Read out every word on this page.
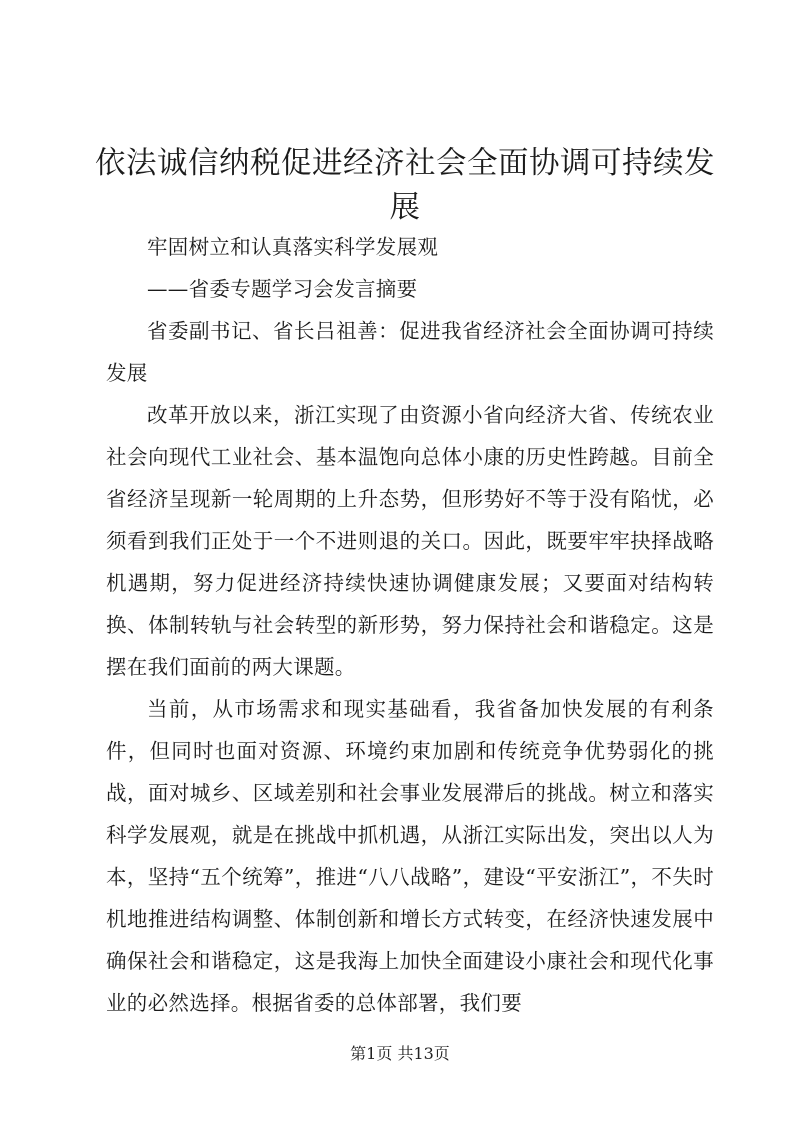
依法诚信纳税促进经济社会全面协调可持续发展

牢固树立和认真落实科学发展观

——省委专题学习会发言摘要

省委副书记、省长吕祖善：促进我省经济社会全面协调可持续发展

改革开放以来，浙江实现了由资源小省向经济大省、传统农业社会向现代工业社会、基本温饱向总体小康的历史性跨越。目前全省经济呈现新一轮周期的上升态势，但形势好不等于没有陷忧，必须看到我们正处于一个不进则退的关口。因此，既要牢牢抉择战略机遇期，努力促进经济持续快速协调健康发展；又要面对结构转换、体制转轨与社会转型的新形势，努力保持社会和谐稳定。这是摆在我们面前的两大课题。

当前，从市场需求和现实基础看，我省备加快发展的有利条件，但同时也面对资源、环境约束加剧和传统竞争优势弱化的挑战，面对城乡、区域差别和社会事业发展滞后的挑战。树立和落实科学发展观，就是在挑战中抓机遇，从浙江实际出发，突出以人为本，坚持“五个统筹”，推进“八八战略”，建设“平安浙江”，不失时机地推进结构调整、体制创新和增长方式转变，在经济快速发展中确保社会和谐稳定，这是我海上加快全面建设小康社会和现代化事业的必然选择。根据省委的总体部署，我们要

第1页 共13页
